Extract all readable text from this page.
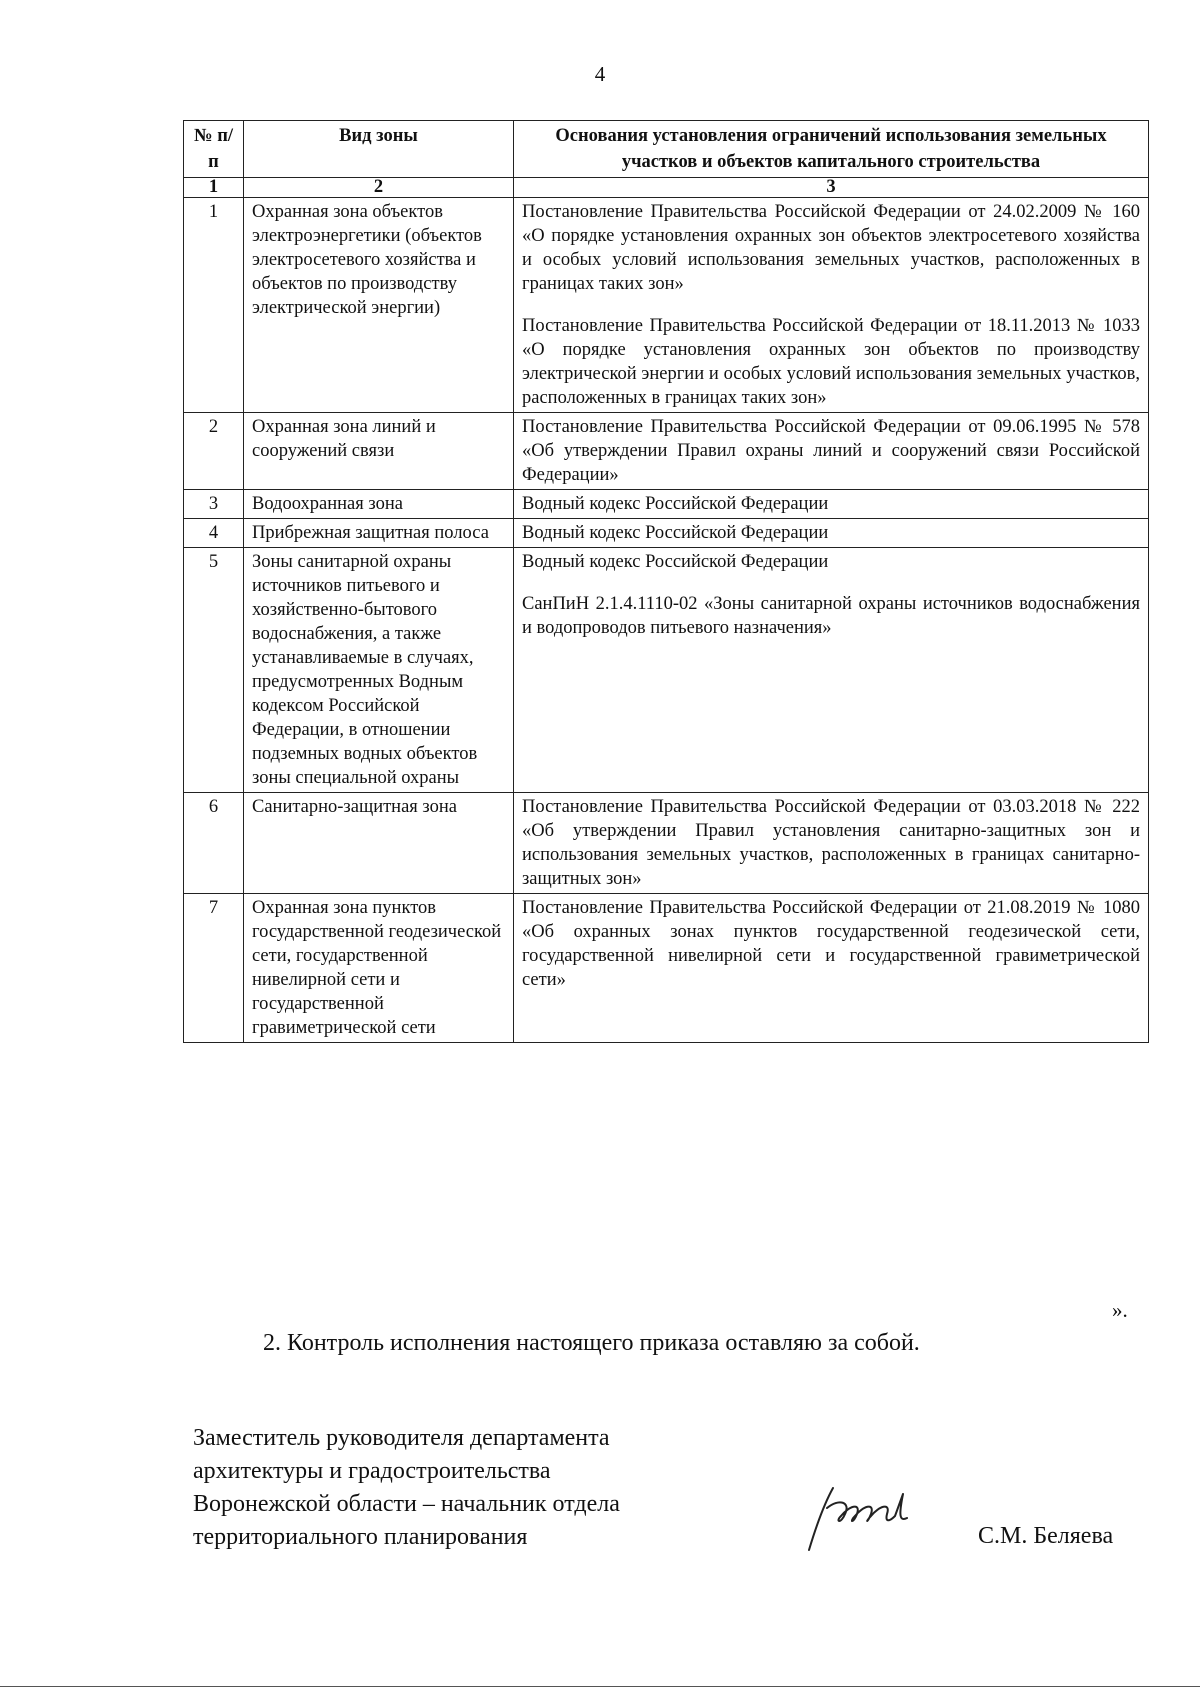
4
№ п/п	Вид зоны	Основания установления ограничений использования земельных участков и объектов капитального строительства
1	2	3
1	Охранная зона объектов электроэнергетики (объектов электросетевого хозяйства и объектов по производству электрической энергии)	Постановление Правительства Российской Федерации от 24.02.2009 № 160 «О порядке установления охранных зон объектов электросетевого хозяйства и особых условий использования земельных участков, расположенных в границах таких зон»

Постановление Правительства Российской Федерации от 18.11.2013 № 1033 «О порядке установления охранных зон объектов по производству электрической энергии и особых условий использования земельных участков, расположенных в границах таких зон»

2	Охранная зона линий и сооружений связи	Постановление Правительства Российской Федерации от 09.06.1995 № 578 «Об утверждении Правил охраны линий и сооружений связи Российской Федерации»

3	Водоохранная зона	Водный кодекс Российской Федерации

4	Прибрежная защитная полоса	Водный кодекс Российской Федерации

5	Зоны санитарной охраны источников питьевого и хозяйственно-бытового водоснабжения, а также устанавливаемые в случаях, предусмотренных Водным кодексом Российской Федерации, в отношении подземных водных объектов зоны специальной охраны	Водный кодекс Российской Федерации

СанПиН 2.1.4.1110-02 «Зоны санитарной охраны источников водоснабжения и водопроводов питьевого назначения»

6	Санитарно-защитная зона	Постановление Правительства Российской Федерации от 03.03.2018 № 222 «Об утверждении Правил установления санитарно-защитных зон и использования земельных участков, расположенных в границах санитарно-защитных зон»

7	Охранная зона пунктов государственной геодезической сети, государственной нивелирной сети и государственной гравиметрической сети	Постановление Правительства Российской Федерации от 21.08.2019 № 1080 «Об охранных зонах пунктов государственной геодезической сети, государственной нивелирной сети и государственной гравиметрической сети»

».
2. Контроль исполнения настоящего приказа оставляю за собой.
Заместитель руководителя департамента
архитектуры и градостроительства
Воронежской области – начальник отдела
территориального планирования	С.М. Беляева
